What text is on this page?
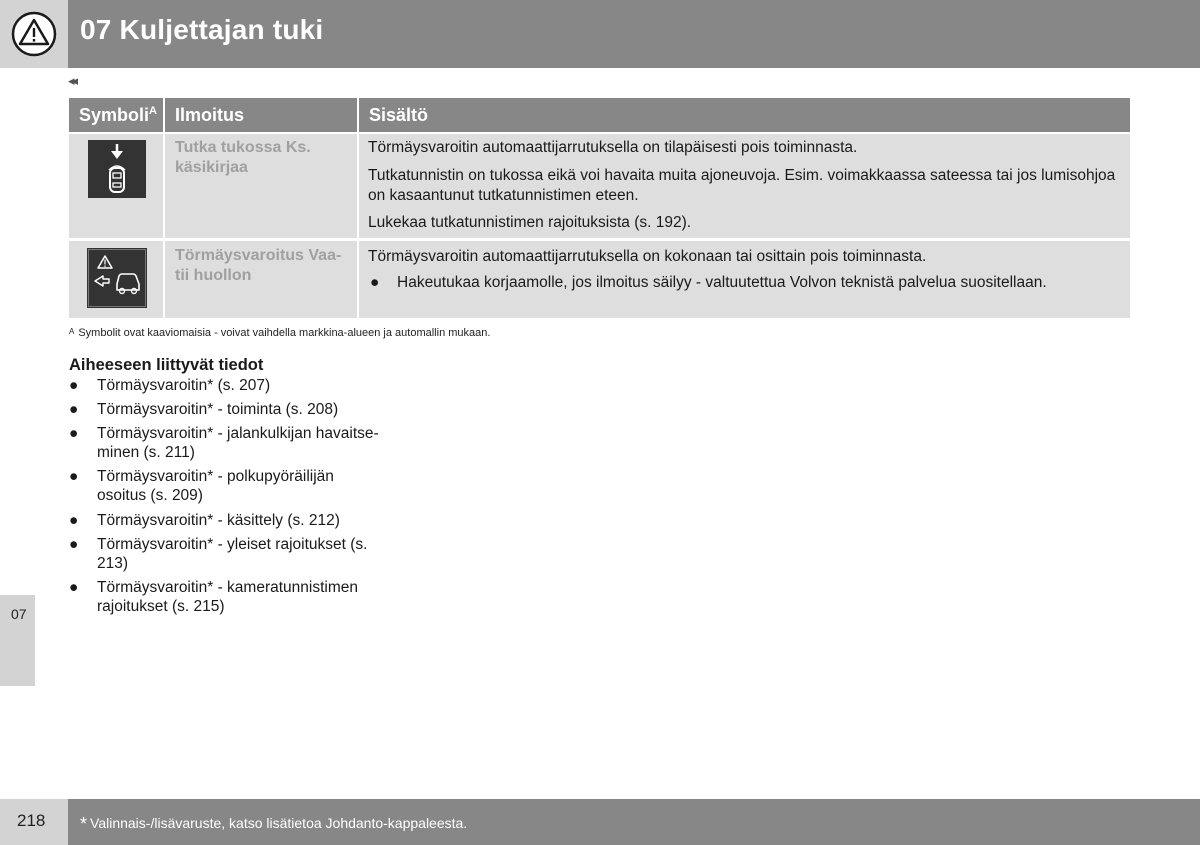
07 Kuljettajan tuki
◂◂
07
Symboli$^A$ Ilmoitus	Sisältö
Tutka tukossa Ks. käsikirjaa
Törmäysvaroitin automaattijarrutuksella on tilapäisesti pois toiminnasta.
Tutkatunnistin on tukossa eikä voi havaita muita ajoneuvoja. Esim. voimakkaassa sateessa tai jos lumisohjoa on kasaantunut tutkatunnistimen eteen.
Lukekaa tutkatunnistimen rajoituksista (s. 192).
Törmäysvaroitus Vaatii huollon
Törmäysvaroitin automaattijarrutuksella on kokonaan tai osittain pois toiminnasta.
●	Hakeutukaa korjaamolle, jos ilmoitus säilyy - valtuutettua Volvon teknistä palvelua suositellaan.
$^A$ Symbolit ovat kaaviomaisia - voivat vaihdella markkina-alueen ja automallin mukaan.
Aiheeseen liittyvät tiedot
● Törmäysvaroitin* (s. 207)
● Törmäysvaroitin* - toiminta (s. 208)
● Törmäysvaroitin* - jalankulkijan havaitseminen (s. 211)
● Törmäysvaroitin* - polkupyöräilijän osoitus (s. 209)
● Törmäysvaroitin* - käsittely (s. 212)
● Törmäysvaroitin* - yleiset rajoitukset (s. 213)
● Törmäysvaroitin* - kameratunnistimen rajoitukset (s. 215)
218 * Valinnais-/lisävaruste, katso lisätietoa Johdanto-kappaleesta.
